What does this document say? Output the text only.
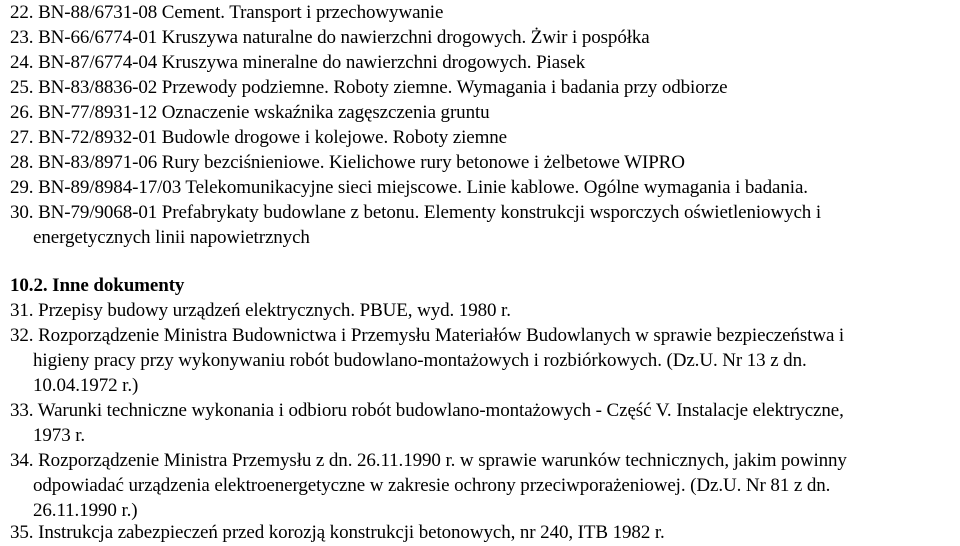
22. BN-88/6731-08 Cement. Transport i przechowywanie
23. BN-66/6774-01 Kruszywa naturalne do nawierzchni drogowych. Żwir i pospółka
24. BN-87/6774-04 Kruszywa mineralne do nawierzchni drogowych. Piasek
25. BN-83/8836-02 Przewody podziemne. Roboty ziemne. Wymagania i badania przy odbiorze
26. BN-77/8931-12 Oznaczenie wskaźnika zagęszczenia gruntu
27. BN-72/8932-01 Budowle drogowe i kolejowe. Roboty ziemne
28. BN-83/8971-06 Rury bezciśnieniowe. Kielichowe rury betonowe i żelbetowe WIPRO
29. BN-89/8984-17/03 Telekomunikacyjne sieci miejscowe. Linie kablowe. Ogólne wymagania i badania.
30. BN-79/9068-01 Prefabrykaty budowlane z betonu. Elementy konstrukcji wsporczych oświetleniowych i
energetycznych linii napowietrznych
10.2. Inne dokumenty
31. Przepisy budowy urządzeń elektrycznych. PBUE, wyd. 1980 r.
32. Rozporządzenie Ministra Budownictwa i Przemysłu Materiałów Budowlanych w sprawie bezpieczeństwa i
higieny pracy przy wykonywaniu robót budowlano-montażowych i rozbiórkowych. (Dz.U. Nr 13 z dn.
10.04.1972 r.)
33. Warunki techniczne wykonania i odbioru robót budowlano-montażowych - Część V. Instalacje elektryczne,
1973 r.
34. Rozporządzenie Ministra Przemysłu z dn. 26.11.1990 r. w sprawie warunków technicznych, jakim powinny
odpowiadać urządzenia elektroenergetyczne w zakresie ochrony przeciwporażeniowej. (Dz.U. Nr 81 z dn.
26.11.1990 r.)
35. Instrukcja zabezpieczeń przed korozją konstrukcji betonowych, nr 240, ITB 1982 r.
